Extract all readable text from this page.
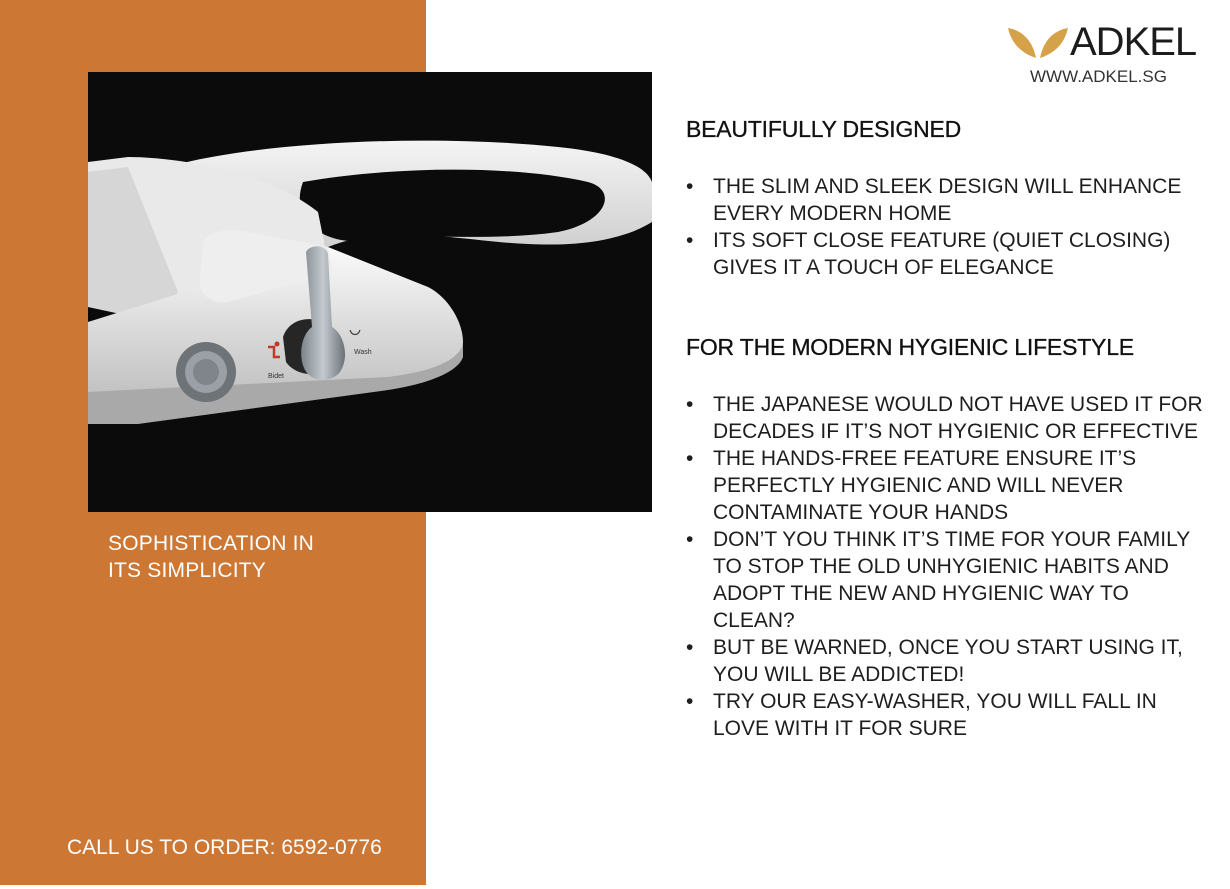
Bidet
Wash
SOPHISTICATION IN
ITS SIMPLICITY
CALL US TO ORDER: 6592-0776
ADKEL
WWW.ADKEL.SG
BEAUTIFULLY DESIGNED
• THE SLIM AND SLEEK DESIGN WILL ENHANCE EVERY MODERN HOME
• ITS SOFT CLOSE FEATURE (QUIET CLOSING) GIVES IT A TOUCH OF ELEGANCE
FOR THE MODERN HYGIENIC LIFESTYLE
• THE JAPANESE WOULD NOT HAVE USED IT FOR DECADES IF IT’S NOT HYGIENIC OR EFFECTIVE
• THE HANDS-FREE FEATURE ENSURE IT’S PERFECTLY HYGIENIC AND WILL NEVER CONTAMINATE YOUR HANDS
• DON’T YOU THINK IT’S TIME FOR YOUR FAMILY TO STOP THE OLD UNHYGIENIC HABITS AND ADOPT THE NEW AND HYGIENIC WAY TO CLEAN?
• BUT BE WARNED, ONCE YOU START USING IT, YOU WILL BE ADDICTED!
• TRY OUR EASY-WASHER, YOU WILL FALL IN LOVE WITH IT FOR SURE
